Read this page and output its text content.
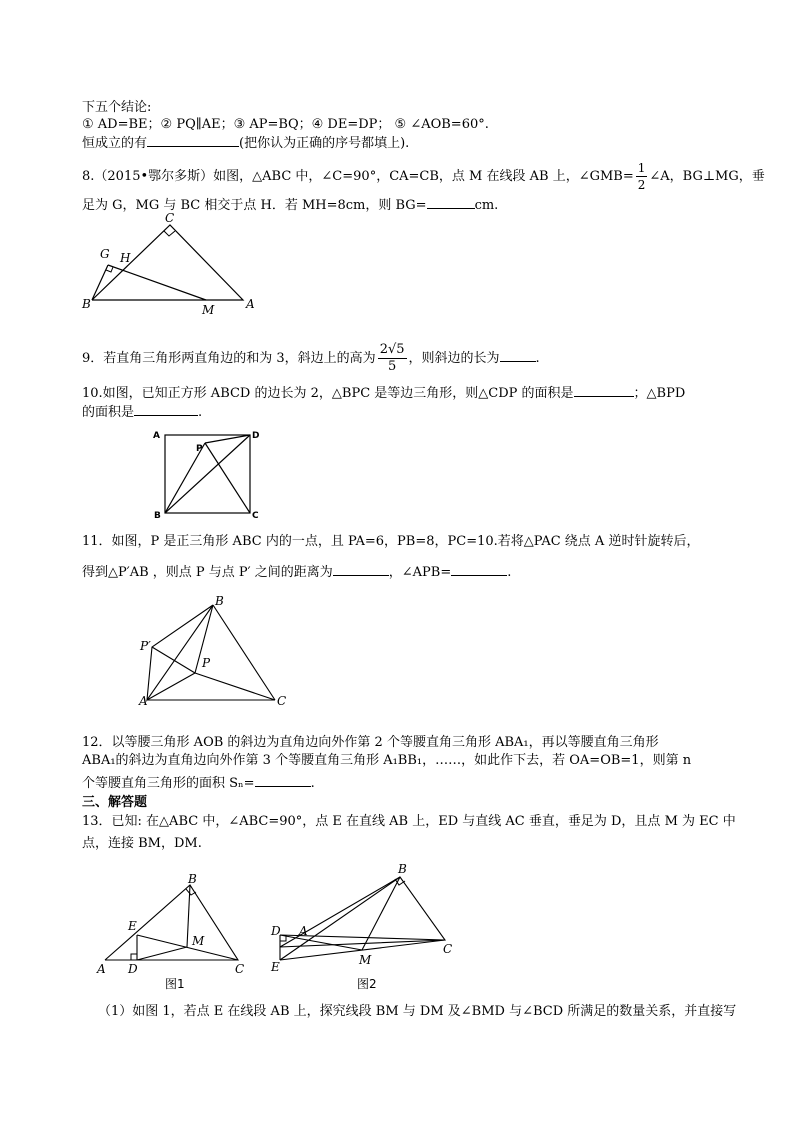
下五个结论:
① AD=BE；② PQ∥AE；③ AP=BQ；④ DE=DP； ⑤ ∠AOB=60°.
恒成立的有	(把你认为正确的序号都填上).
8.（2015•鄂尔多斯）如图，△ABC 中，∠C=90°，CA=CB，点 M 在线段 AB 上，∠GMB= $\frac{1}{2}$ ∠A，BG⊥MG，垂
足为 G，MG 与 BC 相交于点 H．若 MH=8cm，则 BG=	cm.
C
G H
B	M	A
9．若直角三角形两直角边的和为 3，斜边上的高为 $\frac{2√5}{5}$ ，则斜边的长为	.
10.如图，已知正方形 ABCD 的边长为 2，△BPC 是等边三角形，则△CDP 的面积是	；△BPD
的面积是	.
A	D
P
B	C
11．如图，P 是正三角形 ABC 内的一点，且 PA=6，PB=8，PC=10.若将△PAC 绕点 A 逆时针旋转后，
得到△P′AB ，则点 P 与点 P′ 之间的距离为	，∠APB=	.
B
P′
P
A	C
12．以等腰三角形 AOB 的斜边为直角边向外作第 2 个等腰直角三角形 ABA₁，再以等腰直角三角形
ABA₁的斜边为直角边向外作第 3 个等腰直角三角形 A₁BB₁，……，如此作下去，若 OA=OB=1，则第 n
个等腰直角三角形的面积 Sₙ=	.
三、解答题
13．已知: 在△ABC 中，∠ABC=90°，点 E 在直线 AB 上，ED 与直线 AC 垂直，垂足为 D，且点 M 为 EC 中
点，连接 BM，DM.
B
E
M
A D	C
图1
B
D A
C
E	M
图2
（1）如图 1，若点 E 在线段 AB 上，探究线段 BM 与 DM 及∠BMD 与∠BCD 所满足的数量关系，并直接写
